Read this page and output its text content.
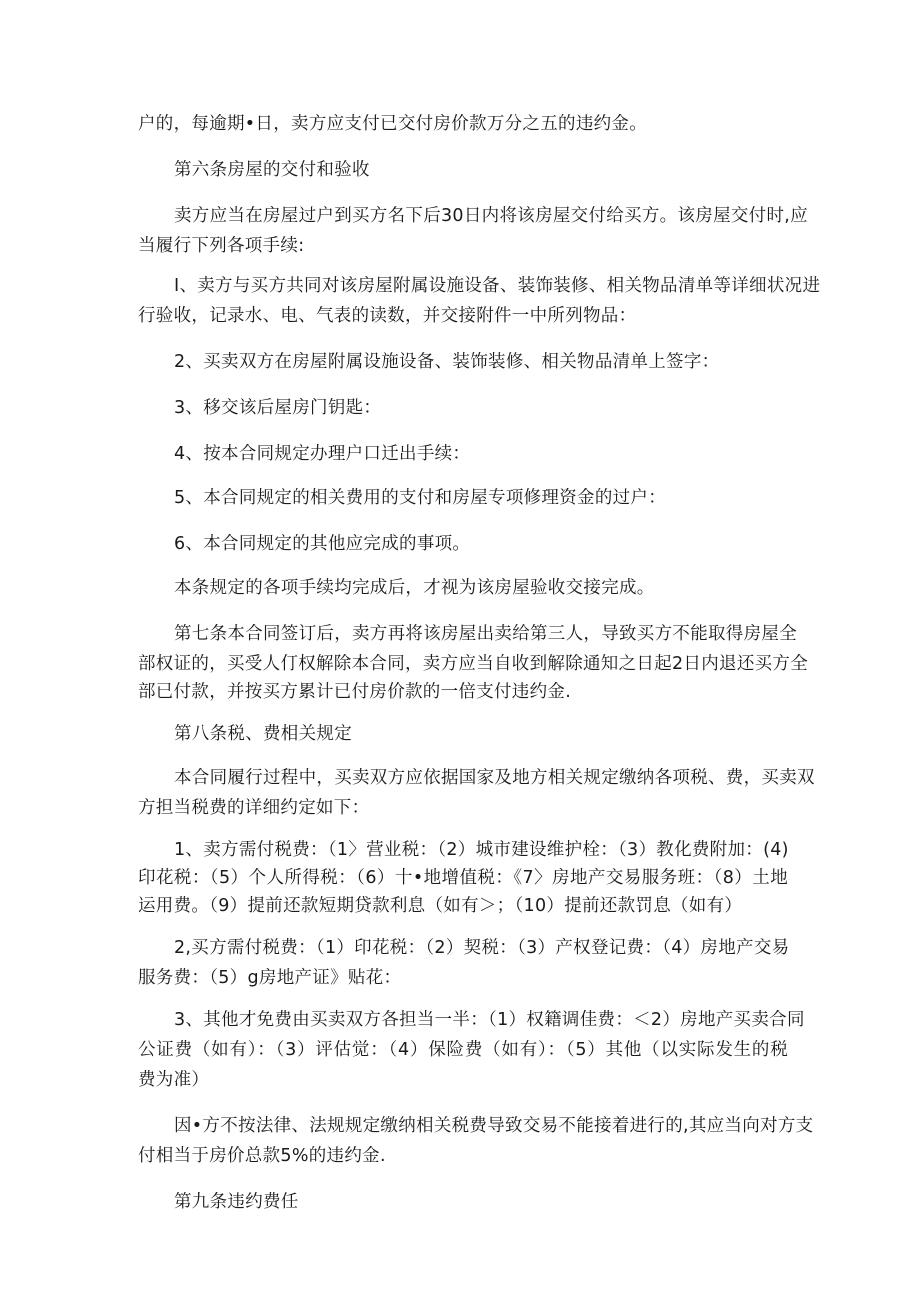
户的，每逾期•日，卖方应支付已交付房价款万分之五的违约金。
第六条房屋的交付和验收
卖方应当在房屋过户到买方名下后30日内将该房屋交付给买方。该房屋交付时,应
当履行下列各项手续:
I、卖方与买方共同对该房屋附属设施设备、装饰装修、相关物品清单等详细状况进
行验收，记录水、电、气表的读数，并交接附件一中所列物品：
2、买卖双方在房屋附属设施设备、装饰装修、相关物品清单上签字：
3、移交该后屋房门钥匙：
4、按本合同规定办理户口迁出手续：
5、本合同规定的相关费用的支付和房屋专项修理资金的过户：
6、本合同规定的其他应完成的事项。
本条规定的各项手续均完成后，才视为该房屋验收交接完成。
第七条本合同签订后，卖方再将该房屋出卖给第三人，导致买方不能取得房屋全
部权证的，买受人仃权解除本合同，卖方应当自收到解除通知之日起2日内退还买方全
部已付款，并按买方累计已付房价款的一倍支付违约金.
第八条税、费相关规定
本合同履行过程中，买卖双方应依据国家及地方相关规定缴纳各项税、费，买卖双
方担当税费的详细约定如下：
1、卖方需付税费：（1〉营业税：（2）城市建设维护栓：（3）教化费附加：(4)
印花税：（5）个人所得税：（6）十•地增值税：《7〉房地产交易服务班：（8）土地
运用费。（9）提前还款短期贷款利息（如有＞；（10）提前还款罚息（如有）
2,买方需付税费：（1）印花税：（2）契税：（3）产权登记费：（4）房地产交易
服务费：（5）g房地产证》贴花：
3、其他才免费由买卖双方各担当一半：（1）权籍调佳费：＜2）房地产买卖合同
公证费（如有）：（3）评估觉：（4）保险费（如有）：（5）其他（以实际发生的税
费为准）
因•方不按法律、法规规定缴纳相关税费导致交易不能接着进行的,其应当向对方支
付相当于房价总款5%的违约金.
第九条违约费任
